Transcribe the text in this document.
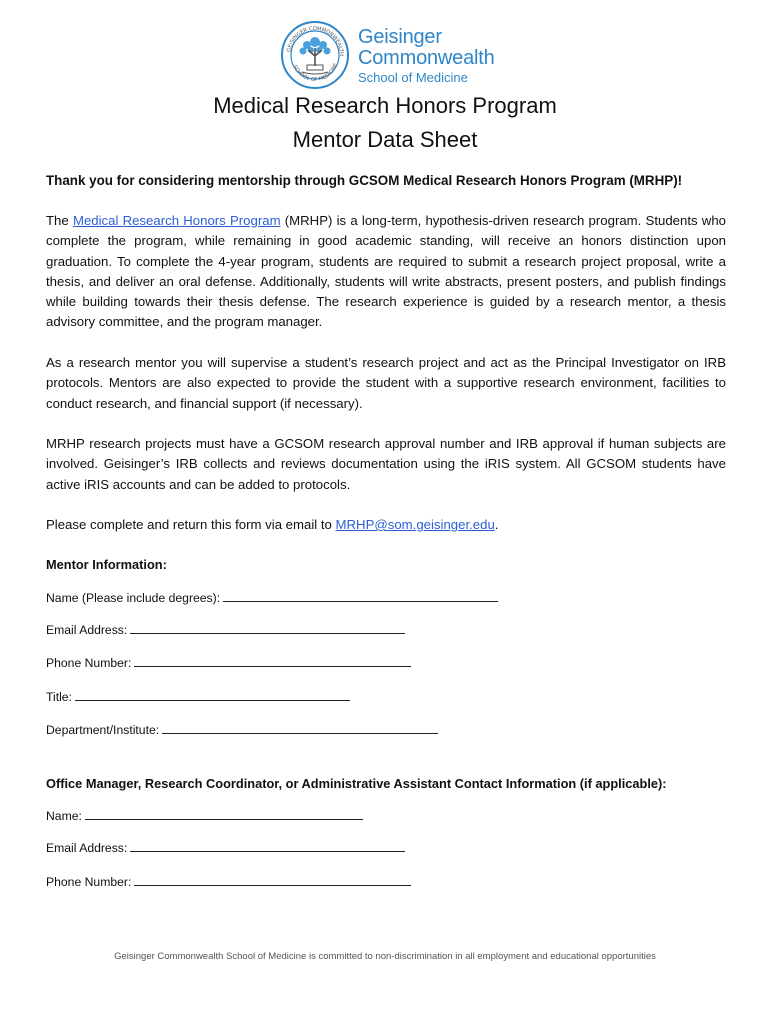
GEISINGER COMMONWEALTH
SCHOOL OF MEDICINE
Geisinger
Commonwealth
School of Medicine
Medical Research Honors Program
Mentor Data Sheet
Thank you for considering mentorship through GCSOM Medical Research Honors Program (MRHP)!

The Medical Research Honors Program (MRHP) is a long-term, hypothesis-driven research program. Students who complete the program, while remaining in good academic standing, will receive an honors distinction upon graduation. To complete the 4-year program, students are required to submit a research project proposal, write a thesis, and deliver an oral defense. Additionally, students will write abstracts, present posters, and publish findings while building towards their thesis defense. The research experience is guided by a research mentor, a thesis advisory committee, and the program manager.

As a research mentor you will supervise a student’s research project and act as the Principal Investigator on IRB protocols. Mentors are also expected to provide the student with a supportive research environment, facilities to conduct research, and financial support (if necessary).

MRHP research projects must have a GCSOM research approval number and IRB approval if human subjects are involved. Geisinger’s IRB collects and reviews documentation using the iRIS system. All GCSOM students have active iRIS accounts and can be added to protocols.

Please complete and return this form via email to MRHP@som.geisinger.edu.

Mentor Information:
Name (Please include degrees):
Email Address:
Phone Number:
Title:
Department/Institute:
Office Manager, Research Coordinator, or Administrative Assistant Contact Information (if applicable):
Name:
Email Address:
Phone Number:
Geisinger Commonwealth School of Medicine is committed to non-discrimination in all employment and educational opportunities
